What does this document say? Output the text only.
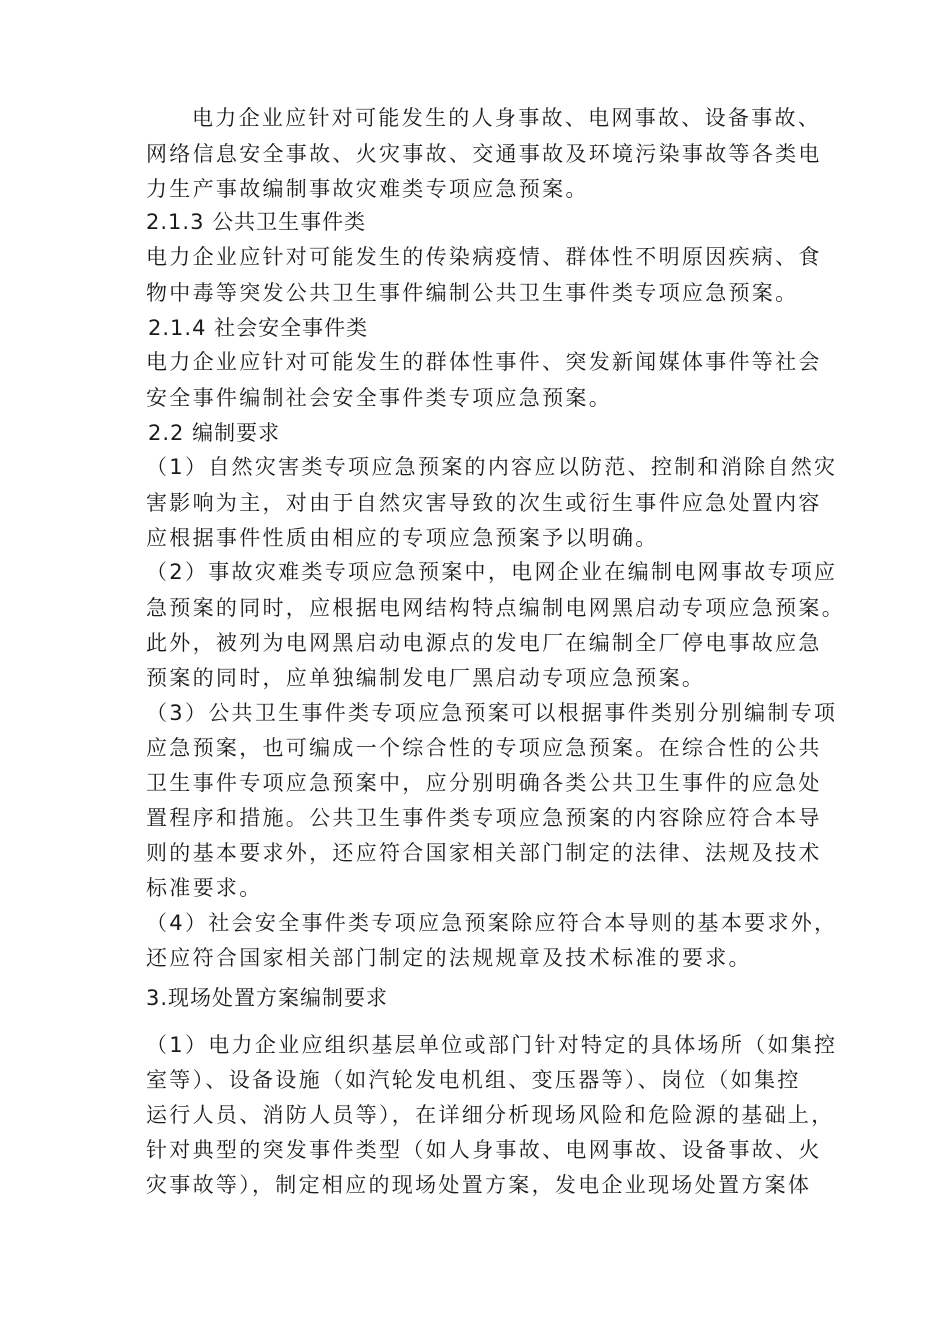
电力企业应针对可能发生的人身事故、电网事故、设备事故、

网络信息安全事故、火灾事故、交通事故及环境污染事故等各类电

力生产事故编制事故灾难类专项应急预案。

2.1.3 公共卫生事件类

电力企业应针对可能发生的传染病疫情、群体性不明原因疾病、食

物中毒等突发公共卫生事件编制公共卫生事件类专项应急预案。

2.1.4 社会安全事件类

电力企业应针对可能发生的群体性事件、突发新闻媒体事件等社会

安全事件编制社会安全事件类专项应急预案。

2.2 编制要求

（1）自然灾害类专项应急预案的内容应以防范、控制和消除自然灾

害影响为主，对由于自然灾害导致的次生或衍生事件应急处置内容

应根据事件性质由相应的专项应急预案予以明确。

（2）事故灾难类专项应急预案中，电网企业在编制电网事故专项应

急预案的同时，应根据电网结构特点编制电网黑启动专项应急预案。

此外，被列为电网黑启动电源点的发电厂在编制全厂停电事故应急

预案的同时，应单独编制发电厂黑启动专项应急预案。

（3）公共卫生事件类专项应急预案可以根据事件类别分别编制专项

应急预案，也可编成一个综合性的专项应急预案。在综合性的公共

卫生事件专项应急预案中，应分别明确各类公共卫生事件的应急处

置程序和措施。公共卫生事件类专项应急预案的内容除应符合本导

则的基本要求外，还应符合国家相关部门制定的法律、法规及技术

标准要求。

（4）社会安全事件类专项应急预案除应符合本导则的基本要求外，

还应符合国家相关部门制定的法规规章及技术标准的要求。

3.现场处置方案编制要求

（1）电力企业应组织基层单位或部门针对特定的具体场所（如集控

室等）、设备设施（如汽轮发电机组、变压器等）、岗位（如集控

运行人员、消防人员等），在详细分析现场风险和危险源的基础上，

针对典型的突发事件类型（如人身事故、电网事故、设备事故、火

灾事故等），制定相应的现场处置方案，发电企业现场处置方案体
